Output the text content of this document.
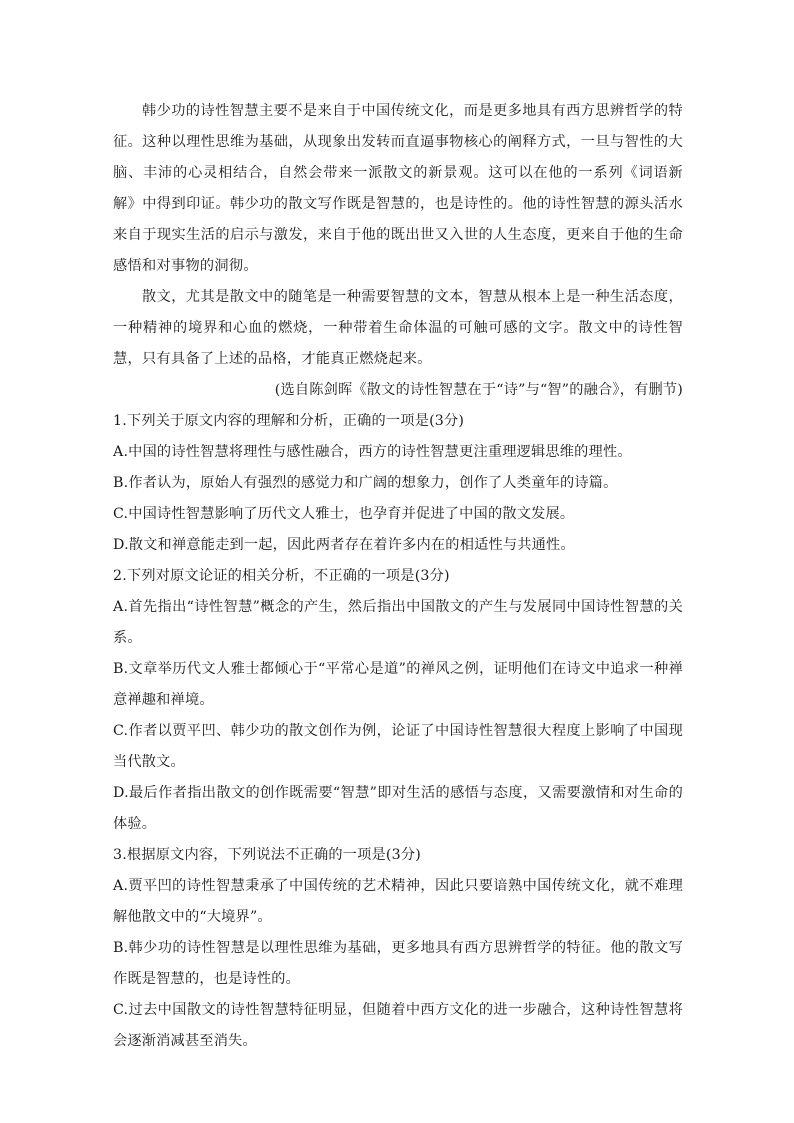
韩少功的诗性智慧主要不是来自于中国传统文化，而是更多地具有西方思辨哲学的特征。这种以理性思维为基础，从现象出发转而直逼事物核心的阐释方式，一旦与智性的大脑、丰沛的心灵相结合，自然会带来一派散文的新景观。这可以在他的一系列《词语新解》中得到印证。韩少功的散文写作既是智慧的，也是诗性的。他的诗性智慧的源头活水来自于现实生活的启示与激发，来自于他的既出世又入世的人生态度，更来自于他的生命感悟和对事物的洞彻。

散文，尤其是散文中的随笔是一种需要智慧的文本，智慧从根本上是一种生活态度，一种精神的境界和心血的燃烧，一种带着生命体温的可触可感的文字。散文中的诗性智慧，只有具备了上述的品格，才能真正燃烧起来。

(选自陈剑晖《散文的诗性智慧在于“诗”与“智”的融合》，有删节)

1.下列关于原文内容的理解和分析，正确的一项是(3分)

A.中国的诗性智慧将理性与感性融合，西方的诗性智慧更注重理逻辑思维的理性。

B.作者认为，原始人有强烈的感觉力和广阔的想象力，创作了人类童年的诗篇。

C.中国诗性智慧影响了历代文人雅士，也孕育并促进了中国的散文发展。

D.散文和禅意能走到一起，因此两者存在着许多内在的相适性与共通性。

2.下列对原文论证的相关分析，不正确的一项是(3分)

A.首先指出“诗性智慧”概念的产生，然后指出中国散文的产生与发展同中国诗性智慧的关系。

B.文章举历代文人雅士都倾心于“平常心是道”的禅风之例，证明他们在诗文中追求一种禅意禅趣和禅境。

C.作者以贾平凹、韩少功的散文创作为例，论证了中国诗性智慧很大程度上影响了中国现当代散文。

D.最后作者指出散文的创作既需要“智慧”即对生活的感悟与态度，又需要激情和对生命的体验。

3.根据原文内容，下列说法不正确的一项是(3分)

A.贾平凹的诗性智慧秉承了中国传统的艺术精神，因此只要谙熟中国传统文化，就不难理解他散文中的“大境界”。

B.韩少功的诗性智慧是以理性思维为基础，更多地具有西方思辨哲学的特征。他的散文写作既是智慧的，也是诗性的。

C.过去中国散文的诗性智慧特征明显，但随着中西方文化的进一步融合，这种诗性智慧将会逐渐消减甚至消失。
